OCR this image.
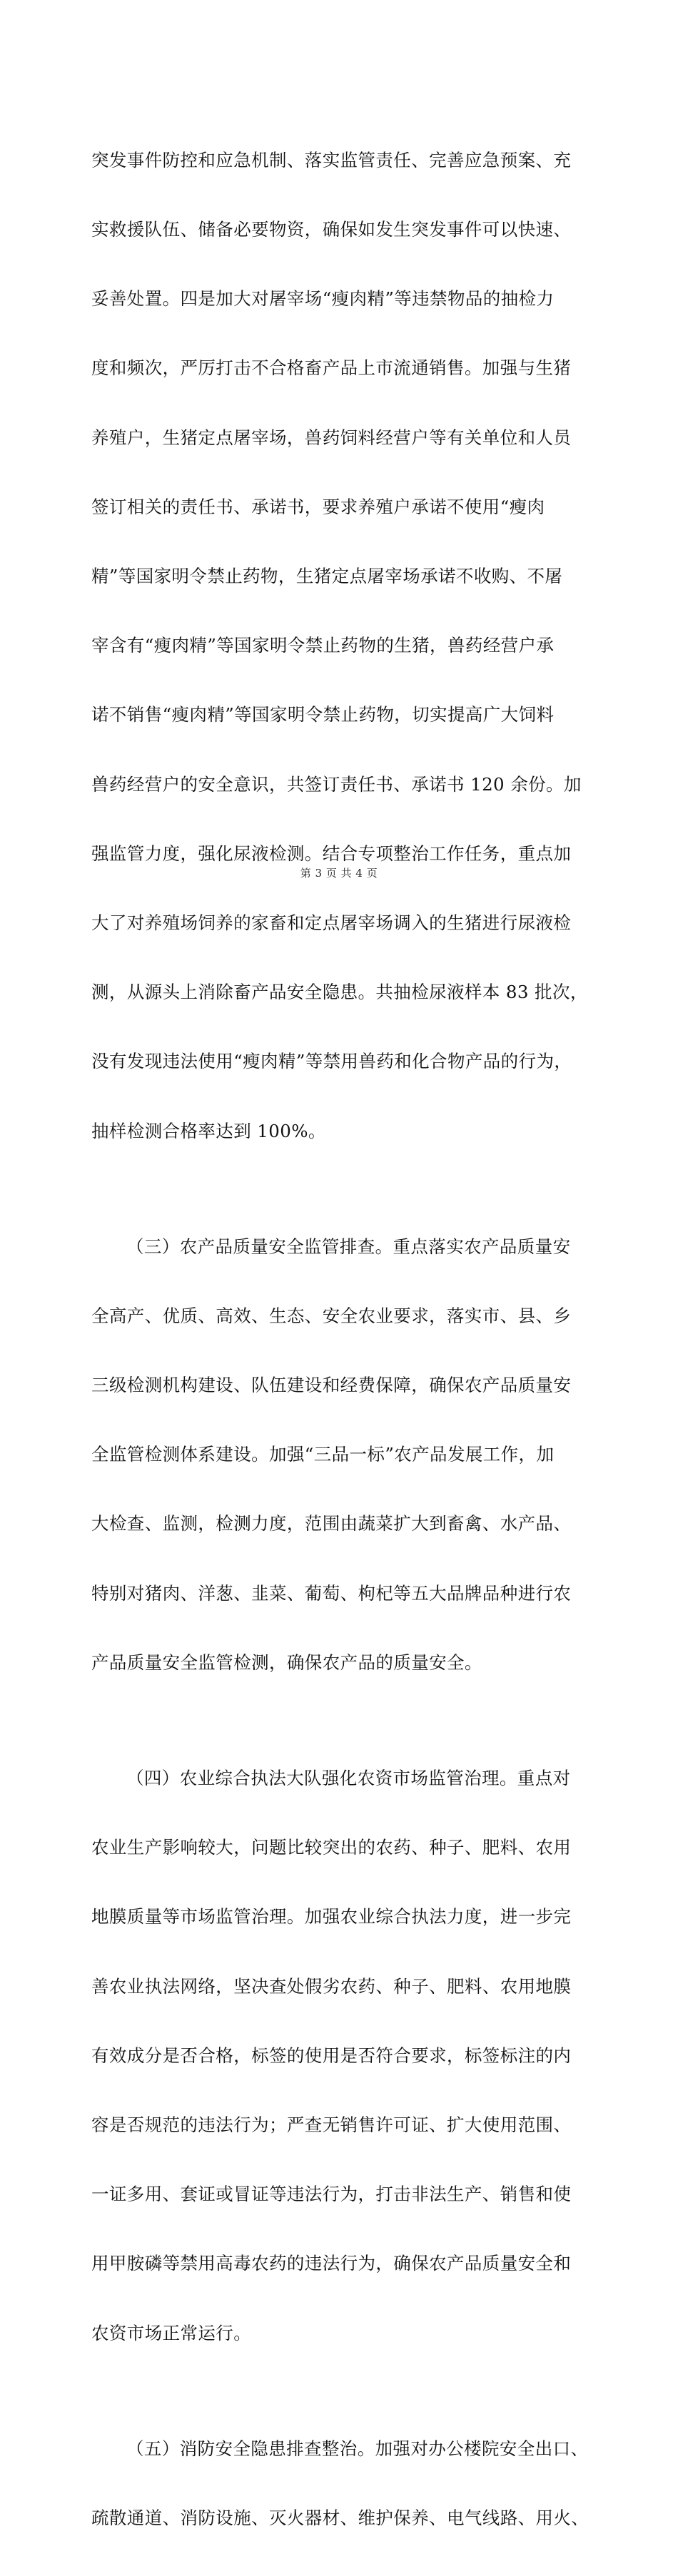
突发事件防控和应急机制、落实监管责任、完善应急预案、充

实救援队伍、储备必要物资，确保如发生突发事件可以快速、

妥善处置。四是加大对屠宰场“瘦肉精”等违禁物品的抽检力

度和频次，严厉打击不合格畜产品上市流通销售。加强与生猪

养殖户，生猪定点屠宰场，兽药饲料经营户等有关单位和人员

签订相关的责任书、承诺书，要求养殖户承诺不使用“瘦肉

精”等国家明令禁止药物，生猪定点屠宰场承诺不收购、不屠

宰含有“瘦肉精”等国家明令禁止药物的生猪，兽药经营户承

诺不销售“瘦肉精”等国家明令禁止药物，切实提高广大饲料

兽药经营户的安全意识，共签订责任书、承诺书 120 余份。加

强监管力度，强化尿液检测。结合专项整治工作任务，重点加

大了对养殖场饲养的家畜和定点屠宰场调入的生猪进行尿液检

测，从源头上消除畜产品安全隐患。共抽检尿液样本 83 批次，

没有发现违法使用“瘦肉精”等禁用兽药和化合物产品的行为，

抽样检测合格率达到 100%。

（三）农产品质量安全监管排查。重点落实农产品质量安

全高产、优质、高效、生态、安全农业要求，落实市、县、乡

三级检测机构建设、队伍建设和经费保障，确保农产品质量安

全监管检测体系建设。加强“三品一标”农产品发展工作，加

大检查、监测，检测力度，范围由蔬菜扩大到畜禽、水产品、

特别对猪肉、洋葱、韭菜、葡萄、枸杞等五大品牌品种进行农

产品质量安全监管检测，确保农产品的质量安全。

（四）农业综合执法大队强化农资市场监管治理。重点对

农业生产影响较大，问题比较突出的农药、种子、肥料、农用

地膜质量等市场监管治理。加强农业综合执法力度，进一步完

善农业执法网络，坚决查处假劣农药、种子、肥料、农用地膜

有效成分是否合格，标签的使用是否符合要求，标签标注的内

容是否规范的违法行为；严查无销售许可证、扩大使用范围、

一证多用、套证或冒证等违法行为，打击非法生产、销售和使

用甲胺磷等禁用高毒农药的违法行为，确保农产品质量安全和

农资市场正常运行。

（五）消防安全隐患排查整治。加强对办公楼院安全出口、

疏散通道、消防设施、灭火器材、维护保养、电气线路、用火、

第 3 页 共 4 页
